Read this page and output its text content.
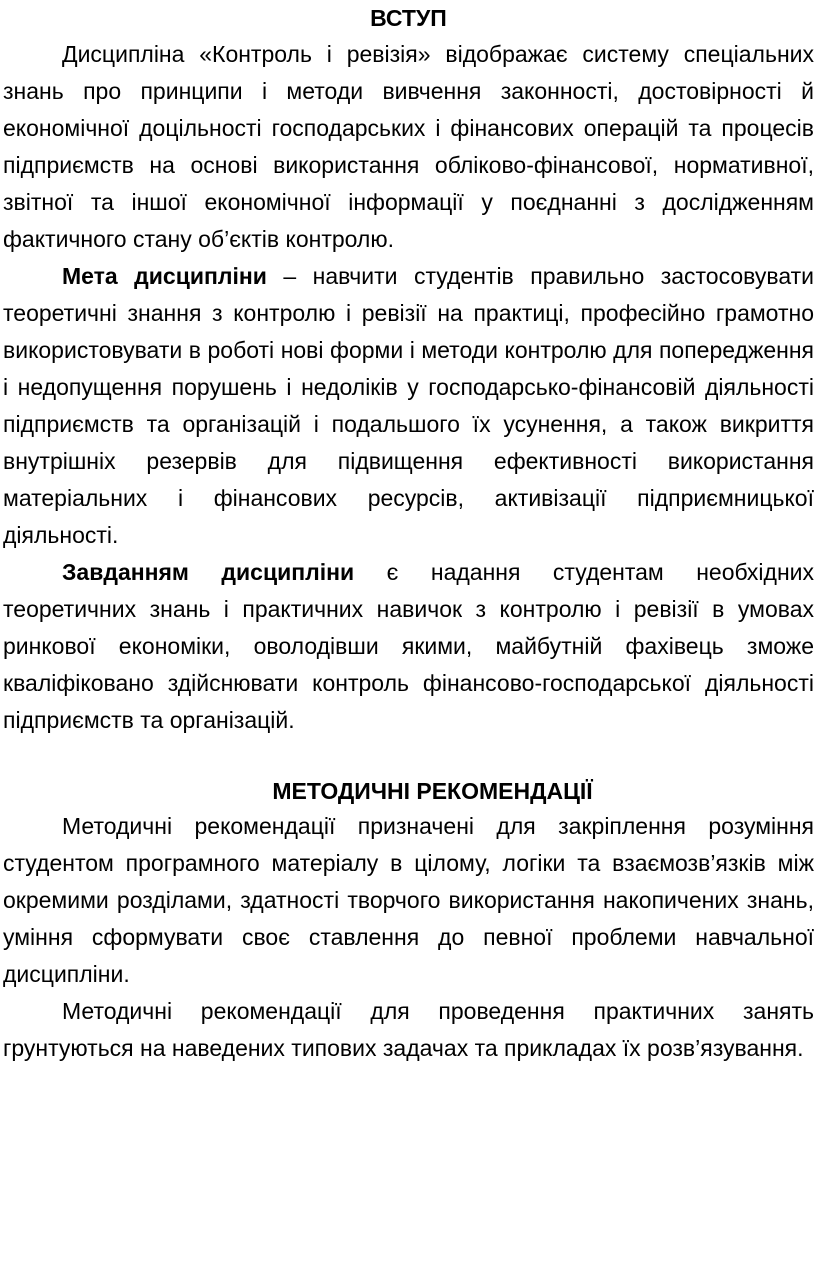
ВСТУП

Дисципліна «Контроль і ревізія» відображає систему спеціальних знань про принципи і методи вивчення законності, достовірності й економічної доцільності господарських і фінансових операцій та процесів підприємств на основі використання обліково-фінансової, нормативної, звітної та іншої економічної інформації у поєднанні з дослідженням фактичного стану об’єктів контролю.

Мета дисципліни – навчити студентів правильно застосовувати теоретичні знання з контролю і ревізії на практиці, професійно грамотно використовувати в роботі нові форми і методи контролю для попередження і недопущення порушень і недоліків у господарсько-фінансовій діяльності підприємств та організацій і подальшого їх усунення, а також викриття внутрішніх резервів для підвищення ефективності використання матеріальних і фінансових ресурсів, активізації підприємницької діяльності.

Завданням дисципліни є надання студентам необхідних теоретичних знань і практичних навичок з контролю і ревізії в умовах ринкової економіки, оволодівши якими, майбутній фахівець зможе кваліфіковано здійснювати контроль фінансово-господарської діяльності підприємств та організацій.

МЕТОДИЧНІ РЕКОМЕНДАЦІЇ

Методичні рекомендації призначені для закріплення розуміння студентом програмного матеріалу в цілому, логіки та взаємозв’язків між окремими розділами, здатності творчого використання накопичених знань, уміння сформувати своє ставлення до певної проблеми навчальної дисципліни.

Методичні рекомендації для проведення практичних занять грунтуються на наведених типових задачах та прикладах їх розв’язування.
